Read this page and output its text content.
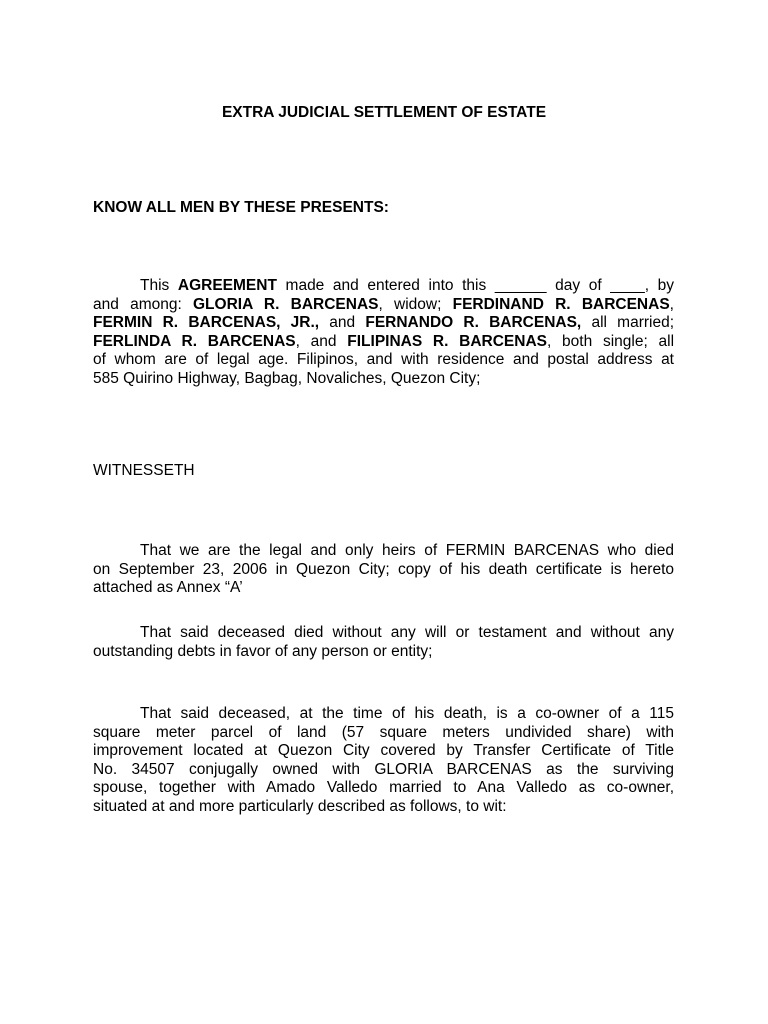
EXTRA JUDICIAL SETTLEMENT OF ESTATE
KNOW ALL MEN BY THESE PRESENTS:
This AGREEMENT made and entered into this ______ day of ____, by
and among: GLORIA R. BARCENAS, widow; FERDINAND R. BARCENAS,
FERMIN R. BARCENAS, JR., and FERNANDO R. BARCENAS, all married;
FERLINDA R. BARCENAS, and FILIPINAS R. BARCENAS, both single; all
of whom are of legal age. Filipinos, and with residence and postal address at
585 Quirino Highway, Bagbag, Novaliches, Quezon City;
WITNESSETH
That we are the legal and only heirs of FERMIN BARCENAS who died
on September 23, 2006 in Quezon City; copy of his death certificate is hereto
attached as Annex “A’
That said deceased died without any will or testament and without any
outstanding debts in favor of any person or entity;
That said deceased, at the time of his death, is a co-owner of a 115
square meter parcel of land (57 square meters undivided share) with
improvement located at Quezon City covered by Transfer Certificate of Title
No. 34507 conjugally owned with GLORIA BARCENAS as the surviving
spouse, together with Amado Valledo married to Ana Valledo as co-owner,
situated at and more particularly described as follows, to wit:
